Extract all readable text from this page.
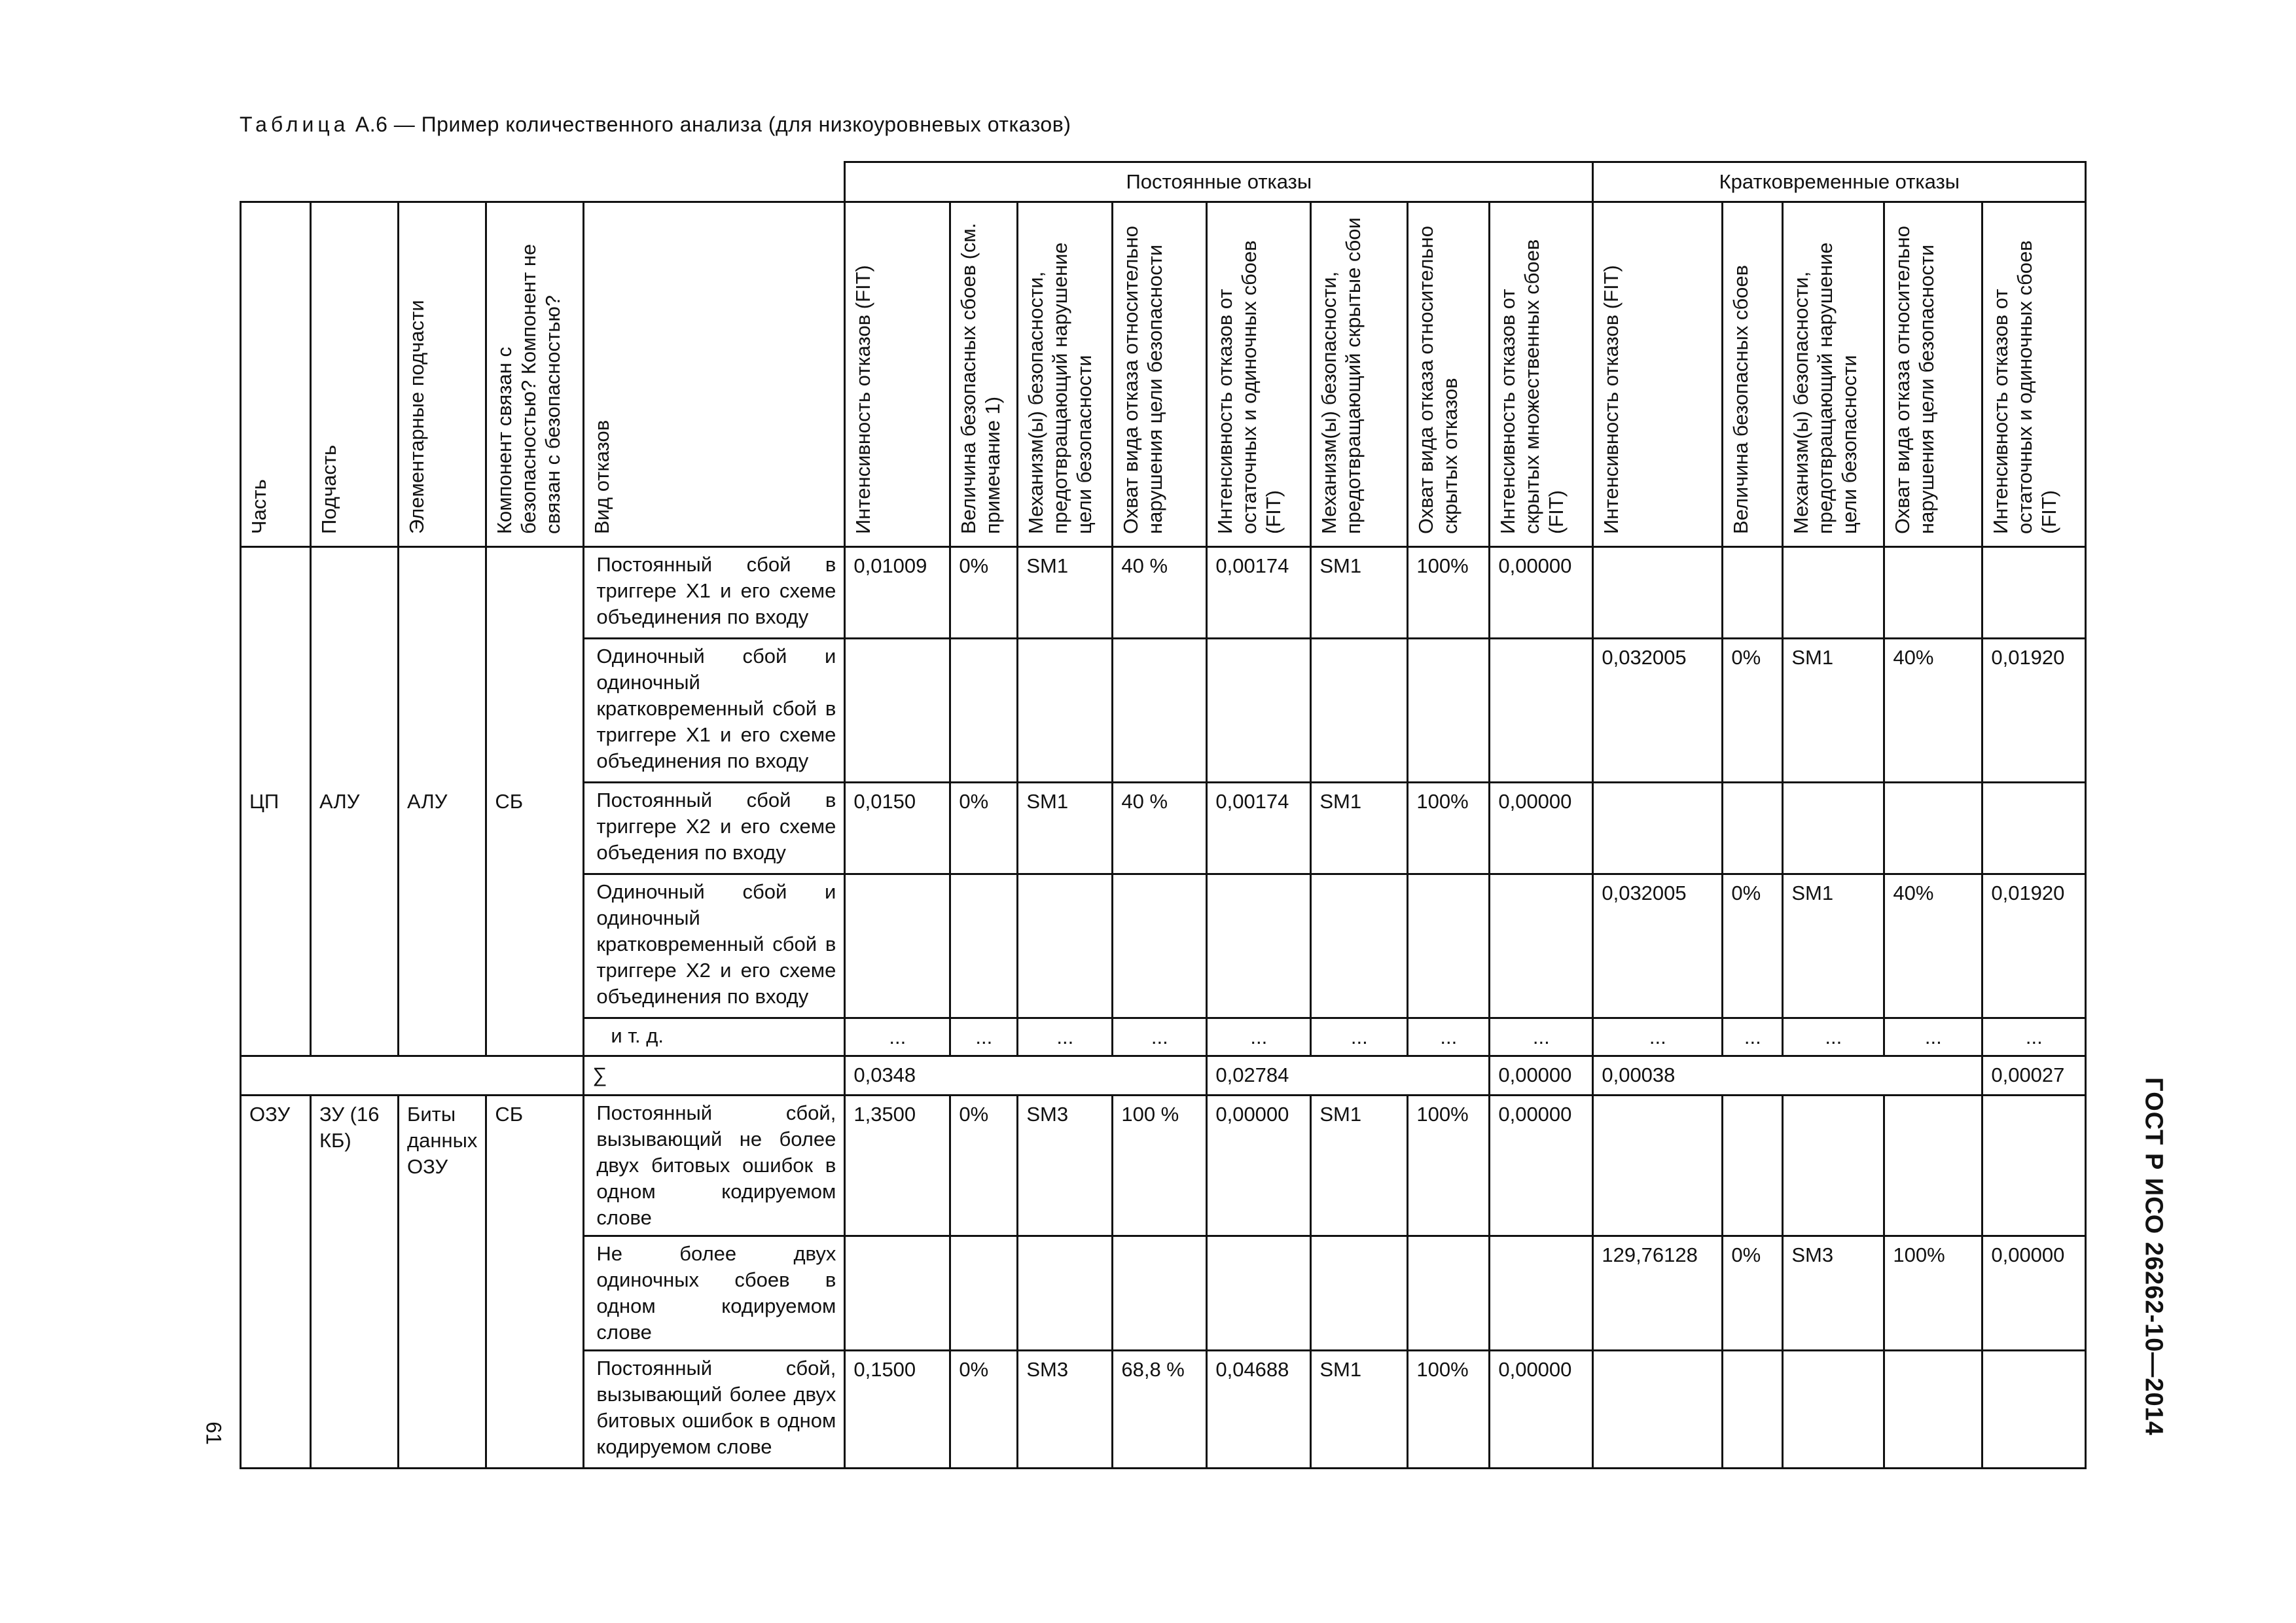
Таблица А.6 — Пример количественного анализа (для низкоуровневых отказов)
ГОСТ Р ИСО 26262-10—2014
61
					Постоянные отказы								Кратковременные отказы				

Часть	Подчасть	Элементарные подчасти	Компонент связан с безопасностью? Компонент не связан с безопасностью?	Вид отказов	Интенсивность отказов (FIT)	Величина безопасных сбоев (см. примечание 1)	Механизм(ы) безопасности, предотвращающий нарушение цели безопасности	Охват вида отказа относительно нарушения цели безопасности	Интенсивность отказов от остаточных и одиночных сбоев (FIT)	Механизм(ы) безопасности, предотвращающий скрытые сбои	Охват вида отказа относительно скрытых отказов	Интенсивность отказов от скрытых множественных сбоев (FIT)	Интенсивность отказов (FIT)	Величина безопасных сбоев	Механизм(ы) безопасности, предотвращающий нарушение цели безопасности	Охват вида отказа относительно нарушения цели безопасности	Интенсивность отказов от остаточных и одиночных сбоев (FIT)

ЦП	АЛУ	АЛУ	СБ	Постоянный сбой в триггере X1 и его схеме объединения по входу	0,01009	0%	SM1	40 %	0,00174	SM1	100%	0,00000					
				Одиночный сбой и одиночный кратковременный сбой в триггере X1 и его схеме объединения по входу									0,032005	0%	SM1	40%	0,01920
				Постоянный сбой в триггере X2 и его схеме объедения по входу	0,0150	0%	SM1	40 %	0,00174	SM1	100%	0,00000					
				Одиночный сбой и одиночный кратковременный сбой в триггере X2 и его схеме объединения по входу									0,032005	0%	SM1	40%	0,01920
				и т. д.	...	...	...	...	...	...	...	...	...	...	...	...	...
				∑	0,0348				0,02784			0,00000	0,00038				0,00027
ОЗУ	ЗУ (16 КБ)	Биты данных ОЗУ	СБ	Постоянный сбой, вызывающий не более двух битовых ошибок в одном кодируемом слове	1,3500	0%	SM3	100 %	0,00000	SM1	100%	0,00000					
				Не более двух одиночных сбоев в одном кодируемом слове									129,76128	0%	SM3	100%	0,00000
				Постоянный сбой, вызывающий более двух битовых ошибок в одном кодируемом слове	0,1500	0%	SM3	68,8 %	0,04688	SM1	100%	0,00000					
